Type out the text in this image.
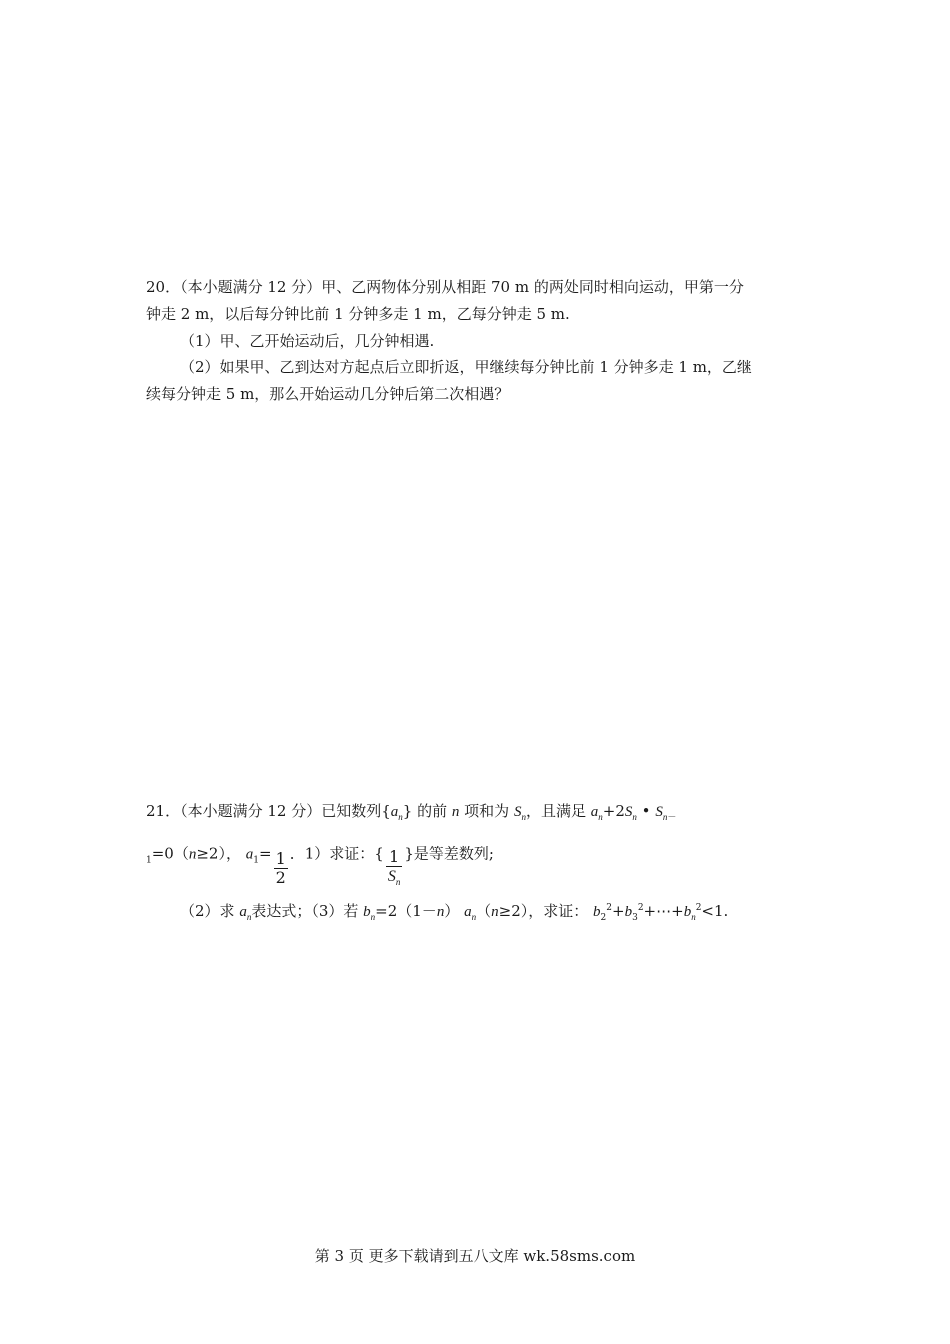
20．（本小题满分 12 分）甲、乙两物体分别从相距 70 m 的两处同时相向运动，甲第一分
钟走 2 m，以后每分钟比前 1 分钟多走 1 m，乙每分钟走 5 m.
（1）甲、乙开始运动后，几分钟相遇.
（2）如果甲、乙到达对方起点后立即折返，甲继续每分钟比前 1 分钟多走 1 m，乙继
续每分钟走 5 m，那么开始运动几分钟后第二次相遇？
21．（本小题满分 12 分）已知数列$\{a_n\}$ 的前 n 项和为 $S_n$，且满足 $a_n+2S_n$ • $S_{n-}$
$_1$=0（n≥2）， $a_1= \frac{1}{2}$ ．1）求证：{ $\frac{1}{S_n}$ }是等差数列;
（2）求 $a_n$表达式；（3）若 $b_n=2(1-n)$ $a_n(n\ge 2)$，求证： $b_2^2+b_3^2+\cdots+b_n^2<1$.
第 3 页 更多下载请到五八文库 wk.58sms.com
